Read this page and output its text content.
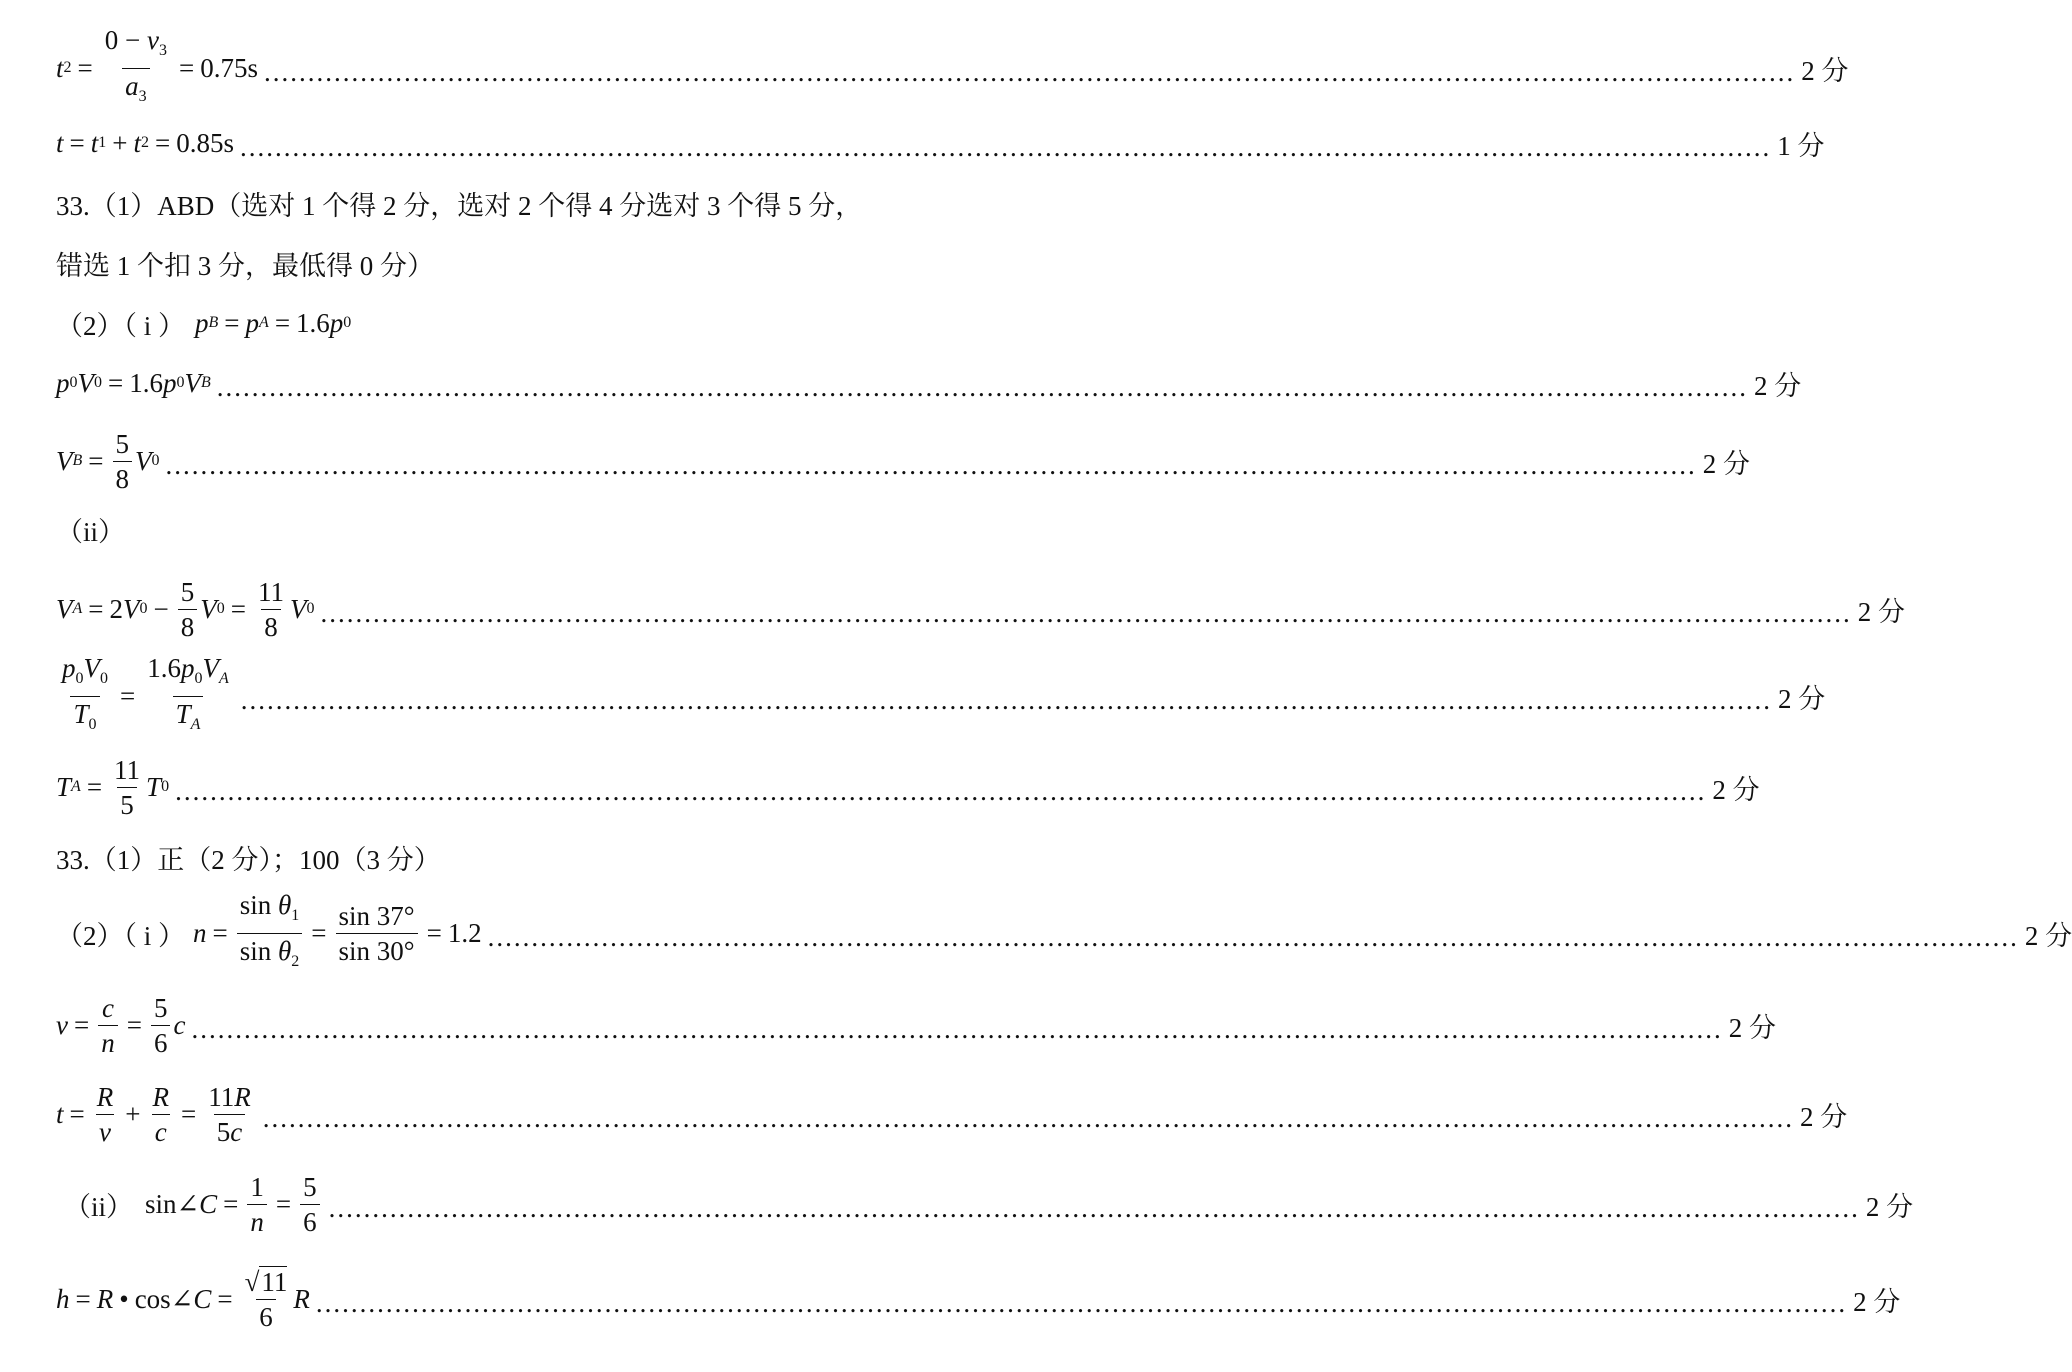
t $2 = \frac{0 - v_3}{a_3} = 0.75s$ ............................................................................................................................................................................... 2 分
t = t 1 + t 2 = 0.85s ............................................................................................................................................................................... 1 分
33.（1）ABD（选对 1 个得 2 分，选对 2 个得 4 分选对 3 个得 5 分，
错选 1 个扣 3 分，最低得 0 分）
（2）（ i ） p B = p A = 1.6 p 0
p 0 V 0 = 1.6 p 0 V B ............................................................................................................................................................................... 2 分
V $B = \frac{5}{8}$ V 0 ............................................................................................................................................................................... 2 分
（ii）
V A = 2 V $0 - \frac{5}{8}$ V $0 = \frac{11}{8}$ V 0 ............................................................................................................................................................................... 2 分
$\frac{p_0V_0}{T_0} = \frac{1.6p_0V_A}{T_A}$ ............................................................................................................................................................................... 2 分
T $A = \frac{11}{5}$ T 0 ............................................................................................................................................................................... 2 分
33.（1）正（2 分）；100（3 分）
（2）（ i ） $n = \frac{\sin \theta_1}{\sin \theta_2} = \frac{\sin 37^\circ}{\sin 30^\circ} = 1.2$ ............................................................................................................................................................................... 2 分
$v = \frac{c}{n} = \frac{5}{6}$ c ............................................................................................................................................................................... 2 分
$t = \frac{R}{v} + \frac{R}{c} = \frac{11R}{5c}$ ............................................................................................................................................................................... 2 分
（ii） sin∠ $C = \frac{1}{n} = \frac{5}{6}$ ............................................................................................................................................................................... 2 分
h = R • cos∠ $C = \frac{√11}{6}$ R ............................................................................................................................................................................... 2 分
